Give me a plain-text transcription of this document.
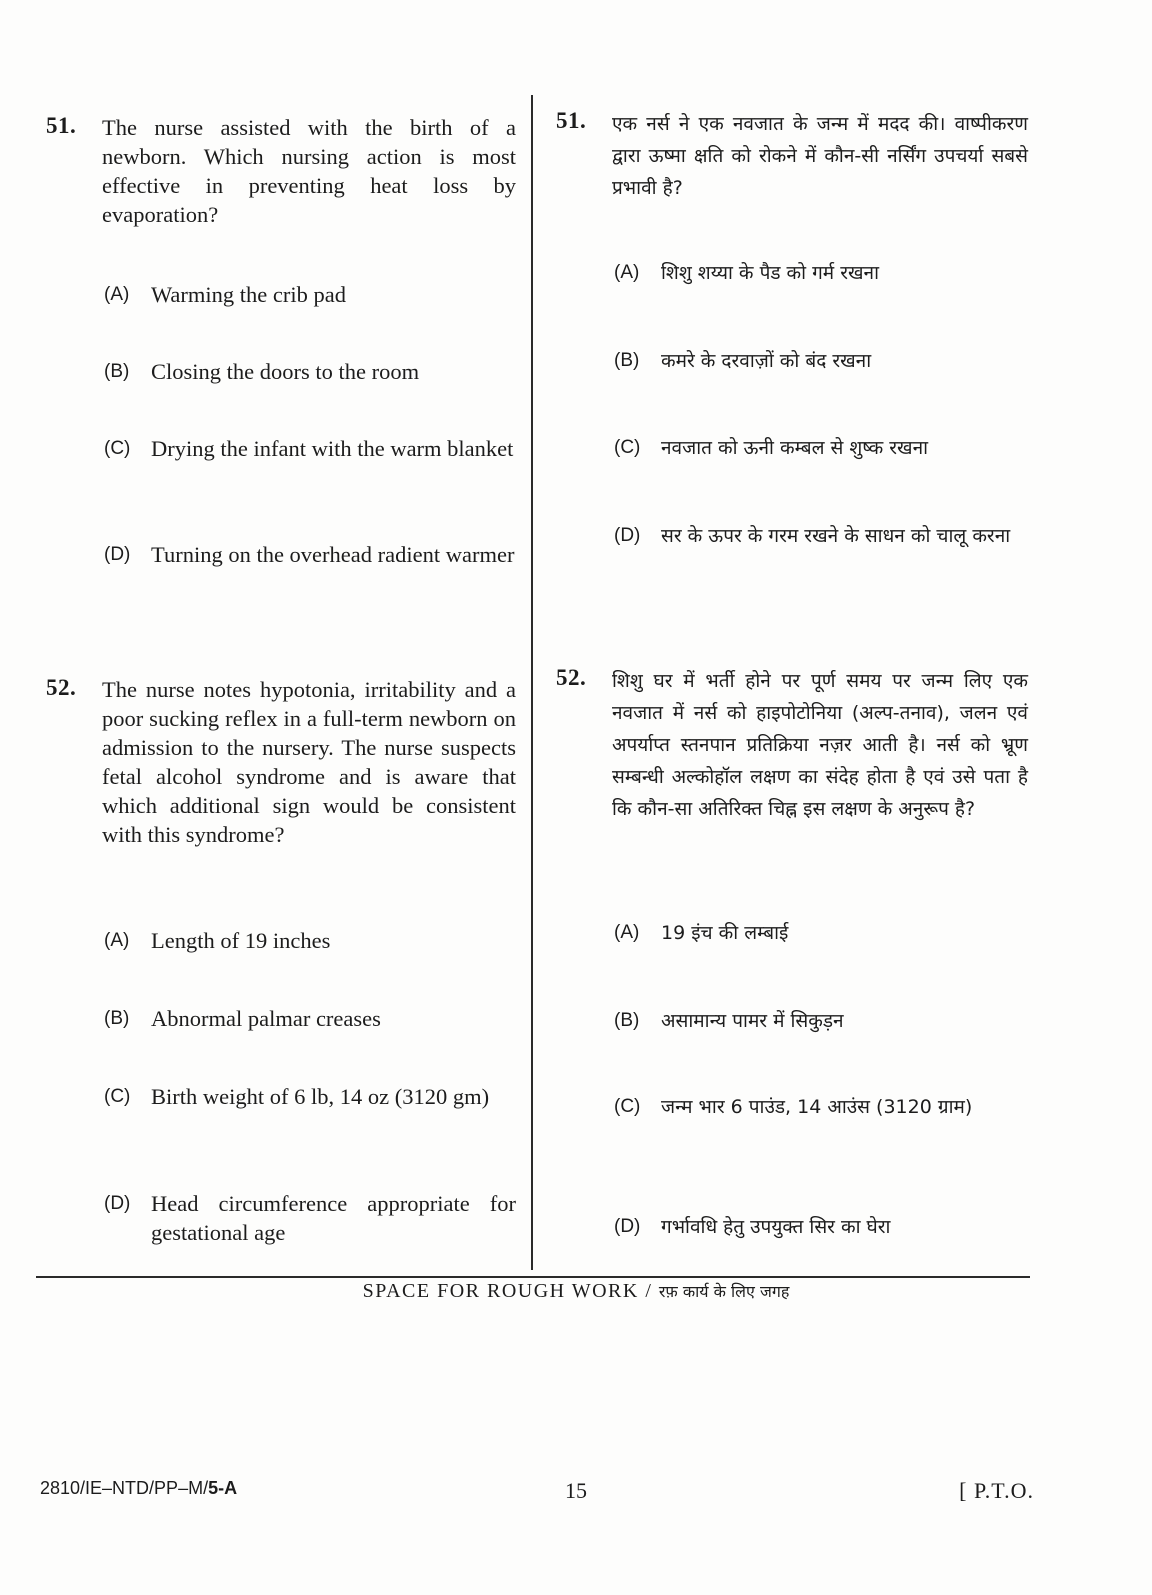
51. The nurse assisted with the birth of a newborn. Which nursing action is most effective in preventing heat loss by evaporation?
(A) Warming the crib pad
(B) Closing the doors to the room
(C) Drying the infant with the warm blanket
(D) Turning on the overhead radient warmer
52. The nurse notes hypotonia, irritability and a poor sucking reflex in a full-term newborn on admission to the nursery. The nurse suspects fetal alcohol syndrome and is aware that which additional sign would be consistent with this syndrome?
(A) Length of 19 inches
(B) Abnormal palmar creases
(C) Birth weight of 6 lb, 14 oz (3120 gm)
(D) Head circumference appropriate for gestational age
51. एक नर्स ने एक नवजात के जन्म में मदद की। वाष्पीकरण द्वारा ऊष्मा क्षति को रोकने में कौन-सी नर्सिंग उपचर्या सबसे प्रभावी है?
(A) शिशु शय्या के पैड को गर्म रखना
(B) कमरे के दरवाज़ों को बंद रखना
(C) नवजात को ऊनी कम्बल से शुष्क रखना
(D) सर के ऊपर के गरम रखने के साधन को चालू करना
52. शिशु घर में भर्ती होने पर पूर्ण समय पर जन्म लिए एक नवजात में नर्स को हाइपोटोनिया (अल्प-तनाव), जलन एवं अपर्याप्त स्तनपान प्रतिक्रिया नज़र आती है। नर्स को भ्रूण सम्बन्धी अल्कोहॉल लक्षण का संदेह होता है एवं उसे पता है कि कौन-सा अतिरिक्त चिह्न इस लक्षण के अनुरूप है?
(A) 19 इंच की लम्बाई
(B) असामान्य पामर में सिकुड़न
(C) जन्म भार 6 पाउंड, 14 आउंस (3120 ग्राम)
(D) गर्भावधि हेतु उपयुक्त सिर का घेरा
SPACE FOR ROUGH WORK / रफ़ कार्य के लिए जगह
2810/IE–NTD/PP–M/5-A	15	[ P.T.O.
